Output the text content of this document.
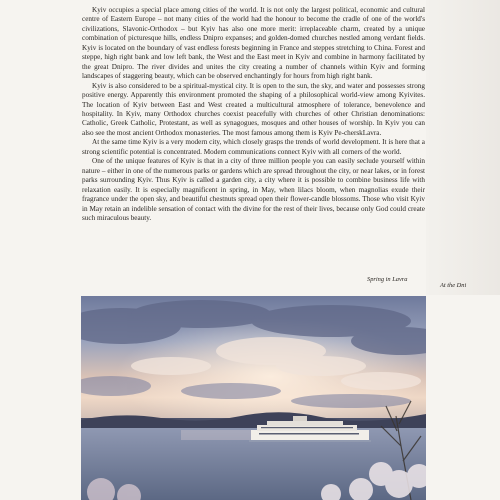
Kyiv occupies a special place among cities of the world. It is not only the largest political, economic and cultural centre of Eastern Europe – not many cities of the world had the honour to become the cradle of one of the world's civilizations, Slavonic-Orthodox – but Kyiv has also one more merit: irreplaceable charm, created by a unique combination of picturesque hills, endless Dnipro expanses; and golden-domed churches nestled among verdant fields. Kyiv is located on the boundary of vast endless forests beginning in France and steppes stretching to China. Forest and steppe, high right bank and low left bank, the West and the East meet in Kyiv and combine in harmony facilitated by the great Dnipro. The river divides and unites the city creating a number of channels within Kyiv and forming landscapes of staggering beauty, which can be observed enchantingly for hours from high right bank.

Kyiv is also considered to be a spiritual-mystical city. It is open to the sun, the sky, and water and possesses strong positive energy. Apparently this environment promoted the shaping of a philosophical world-view among Kyivites. The location of Kyiv between East and West created a multicultural atmosphere of tolerance, benevolence and hospitality. In Kyiv, many Orthodox churches coexist peacefully with churches of other Christian denominations: Catholic, Greek Catholic, Protestant, as well as synagogues, mosques and other houses of worship. In Kyiv you can also see the most ancient Orthodox monasteries. The most famous among them is Kyiv Pe-cherskLavra.

At the same time Kyiv is a very modern city, which closely grasps the trends of world development. It is here that a strong scientific potential is concentrated. Modern communications connect Kyiv with all corners of the world.

One of the unique features of Kyiv is that in a city of three million people you can easily seclude yourself within nature – either in one of the numerous parks or gardens which are spread throughout the city, or near lakes, or in forest parks surrounding Kyiv. Thus Kyiv is called a garden city, a city where it is possible to combine business life with relaxation easily. It is especially magnificent in spring, in May, when lilacs bloom, when magnolias exude their fragrance under the open sky, and beautiful chestnuts spread open their flower-candle blossoms. Those who visit Kyiv in May retain an indelible sensation of contact with the divine for the rest of their lives, because only God could create such miraculous beauty.

Spring in Lavra
At the Dni
